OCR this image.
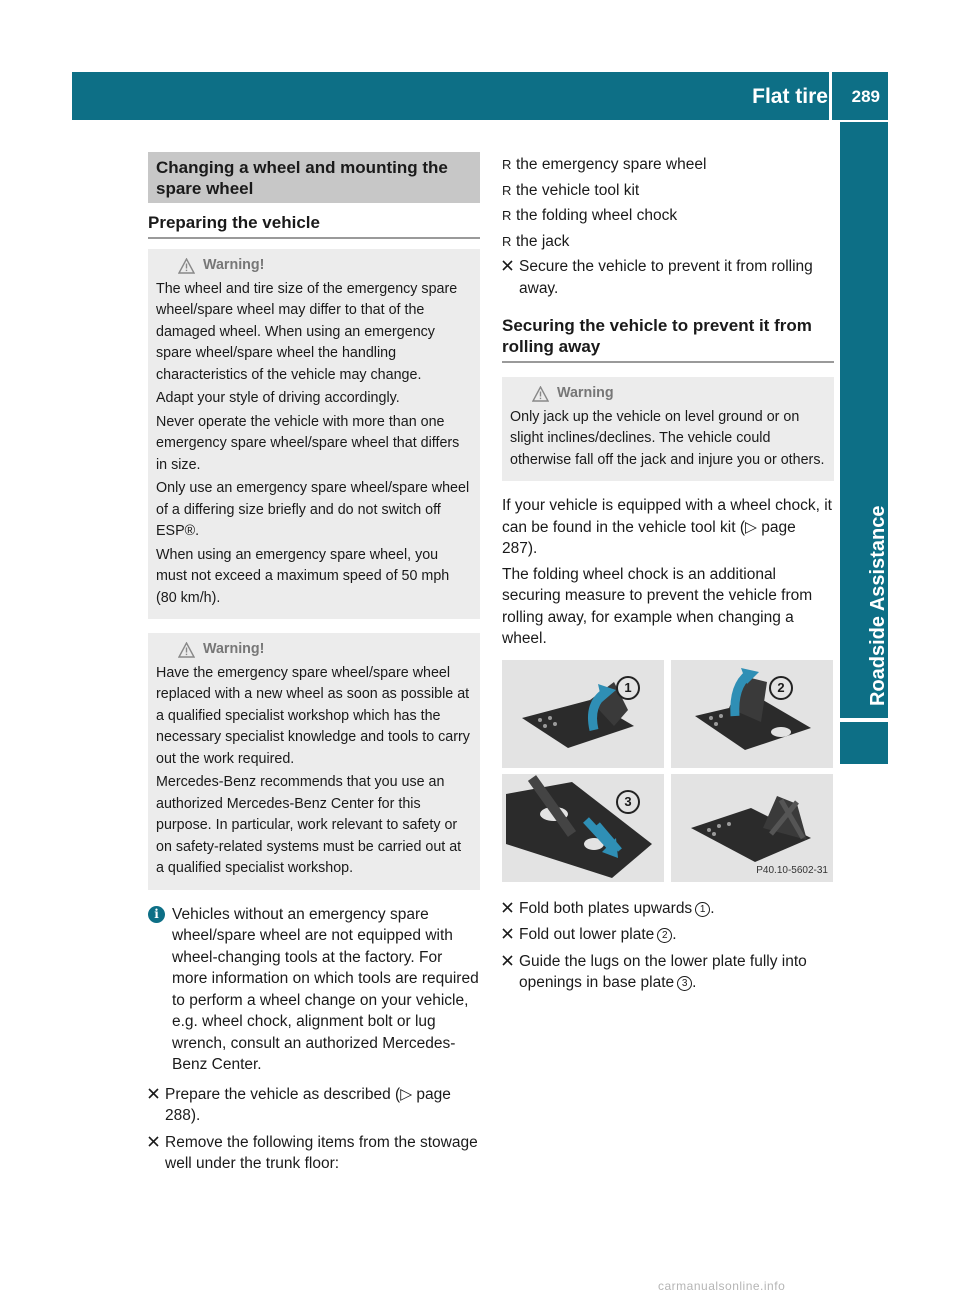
Flat tire 289
Roadside Assistance
Changing a wheel and mounting the spare wheel
Preparing the vehicle
Warning!

The wheel and tire size of the emergency spare wheel/spare wheel may differ to that of the damaged wheel. When using an emergency spare wheel/spare wheel the handling characteristics of the vehicle may change.

Adapt your style of driving accordingly.

Never operate the vehicle with more than one emergency spare wheel/spare wheel that differs in size.

Only use an emergency spare wheel/spare wheel of a differing size briefly and do not switch off ESP®.

When using an emergency spare wheel, you must not exceed a maximum speed of 50 mph (80 km/h).

Warning!

Have the emergency spare wheel/spare wheel replaced with a new wheel as soon as possible at a qualified specialist workshop which has the necessary specialist knowledge and tools to carry out the work required.

Mercedes-Benz recommends that you use an authorized Mercedes-Benz Center for this purpose. In particular, work relevant to safety or on safety-related systems must be carried out at a qualified specialist workshop.

i Vehicles without an emergency spare wheel/spare wheel are not equipped with wheel-changing tools at the factory. For more information on which tools are required to perform a wheel change on your vehicle, e.g. wheel chock, alignment bolt or lug wrench, consult an authorized Mercedes-Benz Center.
Prepare the vehicle as described (▷ page 288).
Remove the following items from the stowage well under the trunk floor:
R the emergency spare wheel
R the vehicle tool kit
R the folding wheel chock
R the jack
Secure the vehicle to prevent it from rolling away.
Securing the vehicle to prevent it from rolling away
Warning

Only jack up the vehicle on level ground or on slight inclines/declines. The vehicle could otherwise fall off the jack and injure you or others.

If your vehicle is equipped with a wheel chock, it can be found in the vehicle tool kit (▷ page 287).

The folding wheel chock is an additional securing measure to prevent the vehicle from rolling away, for example when changing a wheel.

1	2
3
P40.10-5602-31
Fold both plates upwards 1 .
Fold out lower plate 2 .
Guide the lugs on the lower plate fully into openings in base plate 3 .
carmanualsonline.info
